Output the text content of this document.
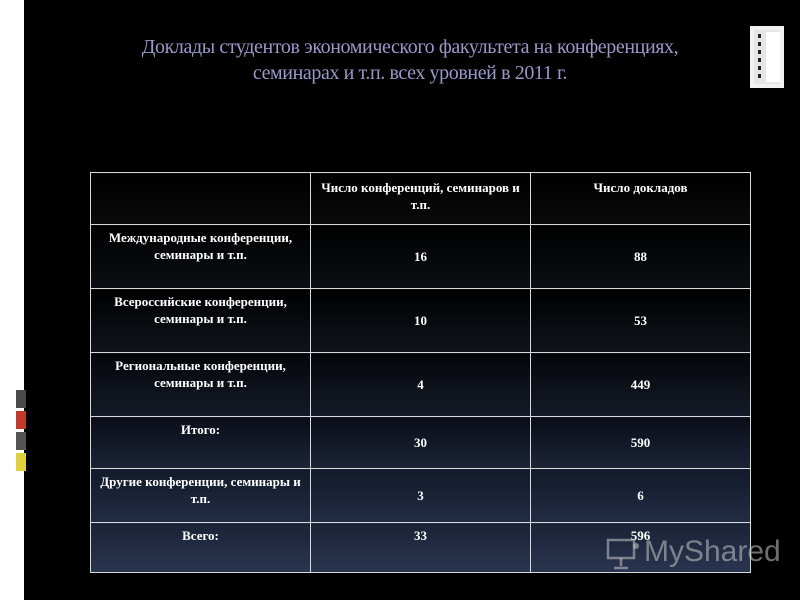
Доклады студентов экономического факультета на конференциях,
семинарах и т.п. всех уровней в 2011 г.
	Число конференций, семинаров и т.п.	Число докладов
Международные конференции, семинары и т.п.	16	88
Всероссийские конференции, семинары и т.п.	10	53
Региональные конференции, семинары и т.п.	4	449
Итого:	30	590
Другие конференции, семинары и т.п.	3	6
Всего:	33	596
MyShared
